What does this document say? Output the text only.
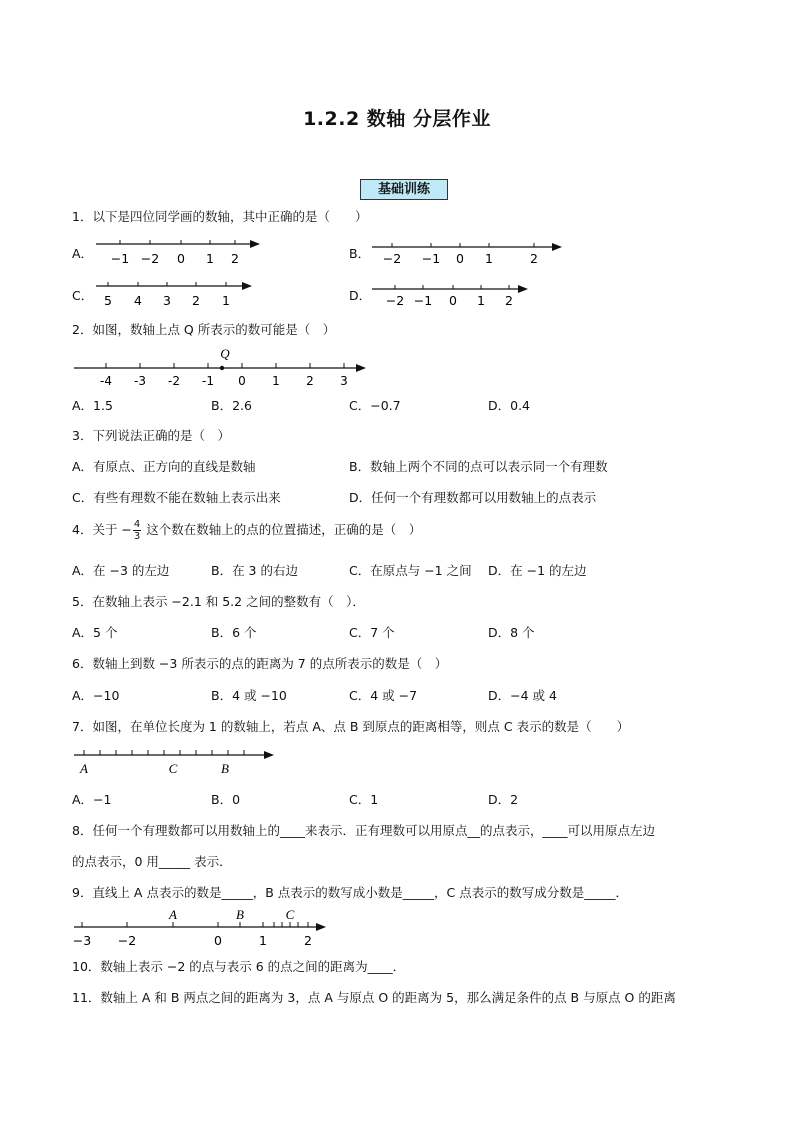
1.2.2 数轴 分层作业
基础训练
1．以下是四位同学画的数轴，其中正确的是（　　）
A． −1 −2 0 1 2	B． −2 −1 0 1	2
C． 5 4 3 2 1	D． −2 −1 0 1 2
2．如图，数轴上点 Q 所表示的数可能是（　）
Q
-4 -3 -2 -1 0 1 2 3
A．1.5	B．2.6	C．−0.7	D．0.4
3．下列说法正确的是（　）
A．有原点、正方向的直线是数轴	B．数轴上两个不同的点可以表示同一个有理数
C．有些有理数不能在数轴上表示出来	D．任何一个有理数都可以用数轴上的点表示
4．关于 − $\frac{4}{3}$ 这个数在数轴上的点的位置描述，正确的是（　）
A．在 −3 的左边	B．在 3 的右边	C．在原点与 −1 之间 D．在 −1 的左边
5．在数轴上表示 −2.1 和 5.2 之间的整数有（　）．
A．5 个	B．6 个	C．7 个	D．8 个
6．数轴上到数 −3 所表示的点的距离为 7 的点所表示的数是（　）
A．−10	B．4 或 −10	C．4 或 −7	D．−4 或 4
7．如图，在单位长度为 1 的数轴上，若点 A、点 B 到原点的距离相等，则点 C 表示的数是（　　）
A	C	B
A．−1	B．0	C．1	D．2
8．任何一个有理数都可以用数轴上的____来表示．正有理数可以用原点__的点表示，____可以用原点左边
的点表示，0 用_____ 表示．
9．直线上 A 点表示的数是_____，B 点表示的数写成小数是_____，C 点表示的数写成分数是_____．
A	B	C
−3 −2	0	1	2
10．数轴上表示 −2 的点与表示 6 的点之间的距离为____．
11．数轴上 A 和 B 两点之间的距离为 3，点 A 与原点 O 的距离为 5，那么满足条件的点 B 与原点 O 的距离
